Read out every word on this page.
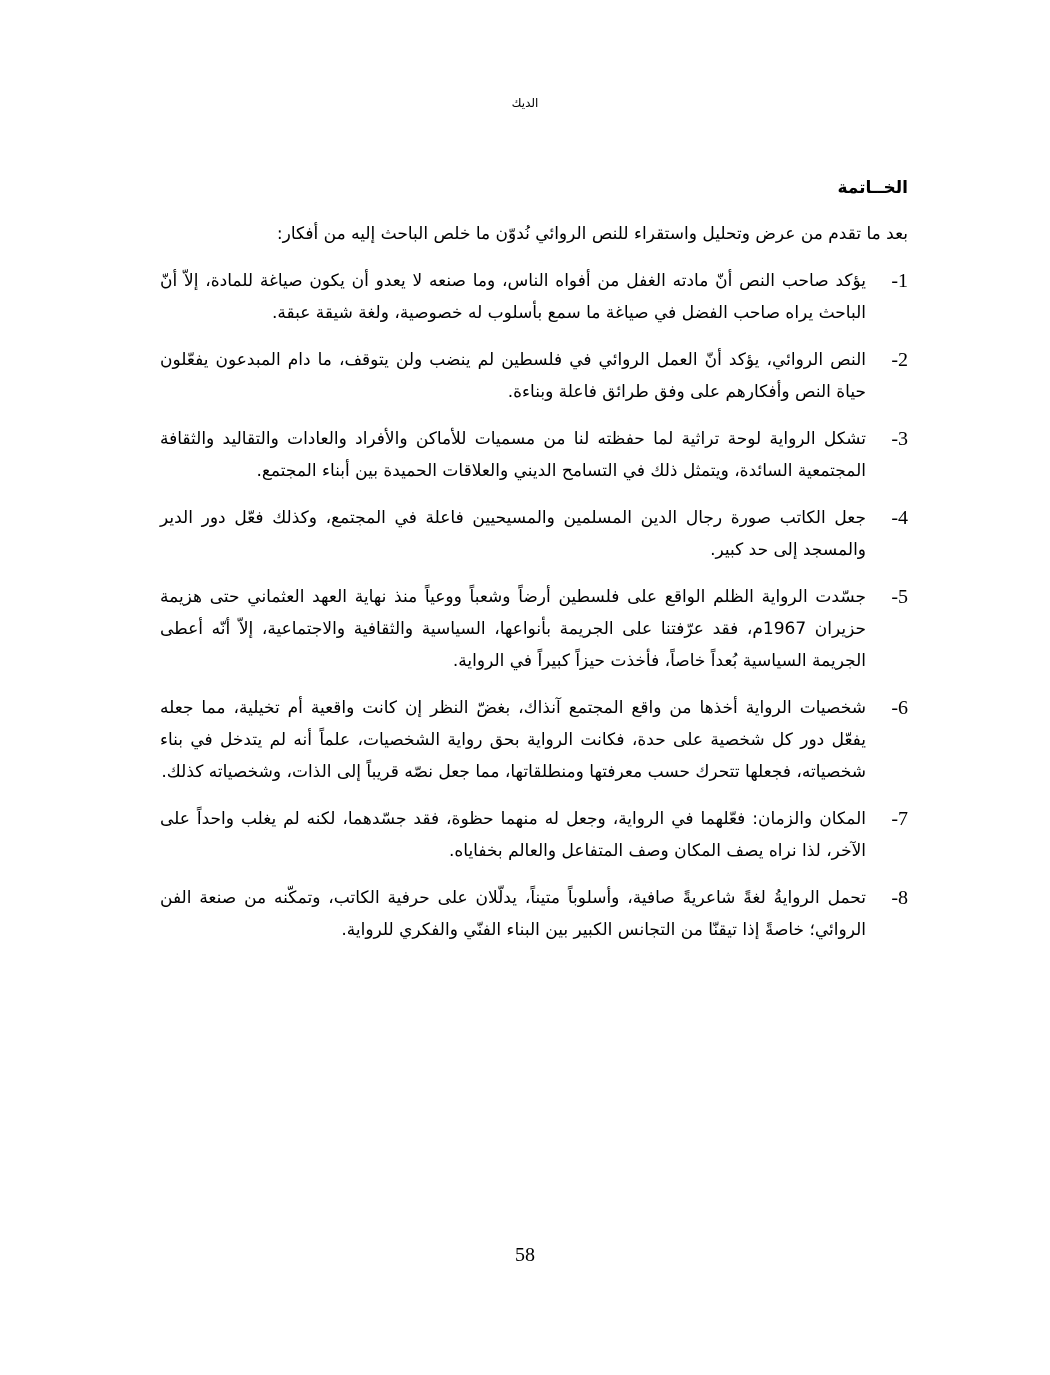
الديك
الخــاتمة

بعد ما تقدم من عرض وتحليل واستقراء للنص الروائي نُدوّن ما خلص الباحث إليه من أفكار:

1-
يؤكد صاحب النص أنّ مادته الغفل من أفواه الناس، وما صنعه لا يعدو أن يكون صياغة للمادة، إلاّ أنّ الباحث يراه صاحب الفضل في صياغة ما سمع بأسلوب له خصوصية، ولغة شيقة عبقة.
2-
النص الروائي، يؤكد أنّ العمل الروائي في فلسطين لم ينضب ولن يتوقف، ما دام المبدعون يفعّلون حياة النص وأفكارهم على وفق طرائق فاعلة وبناءة.
3-
تشكل الرواية لوحة تراثية لما حفظته لنا من مسميات للأماكن والأفراد والعادات والتقاليد والثقافة المجتمعية السائدة، ويتمثل ذلك في التسامح الديني والعلاقات الحميدة بين أبناء المجتمع.
4-
جعل الكاتب صورة رجال الدين المسلمين والمسيحيين فاعلة في المجتمع، وكذلك فعّل دور الدير والمسجد إلى حد كبير.
5-
جسّدت الرواية الظلم الواقع على فلسطين أرضاً وشعباً ووعياً منذ نهاية العهد العثماني حتى هزيمة حزيران 1967م، فقد عرّفتنا على الجريمة بأنواعها، السياسية والثقافية والاجتماعية، إلاّ أنّه أعطى الجريمة السياسية بُعداً خاصاً، فأخذت حيزاً كبيراً في الرواية.
6-
شخصيات الرواية أخذها من واقع المجتمع آنذاك، بغضّ النظر إن كانت واقعية أم تخيلية، مما جعله يفعّل دور كل شخصية على حدة، فكانت الرواية بحق رواية الشخصيات، علماً أنه لم يتدخل في بناء شخصياته، فجعلها تتحرك حسب معرفتها ومنطلقاتها، مما جعل نصّه قريباً إلى الذات، وشخصياته كذلك.
7-
المكان والزمان: فعّلهما في الرواية، وجعل له منهما حظوة، فقد جسّدهما، لكنه لم يغلب واحداً على الآخر، لذا نراه يصف المكان وصف المتفاعل والعالم بخفاياه.
8-
تحمل الروايةُ لغةً شاعريةً صافية، وأسلوباً متيناً، يدلّلان على حرفية الكاتب، وتمكّنه من صنعة الفن الروائي؛ خاصةً إذا تيقنّا من التجانس الكبير بين البناء الفنّي والفكري للرواية.
58
